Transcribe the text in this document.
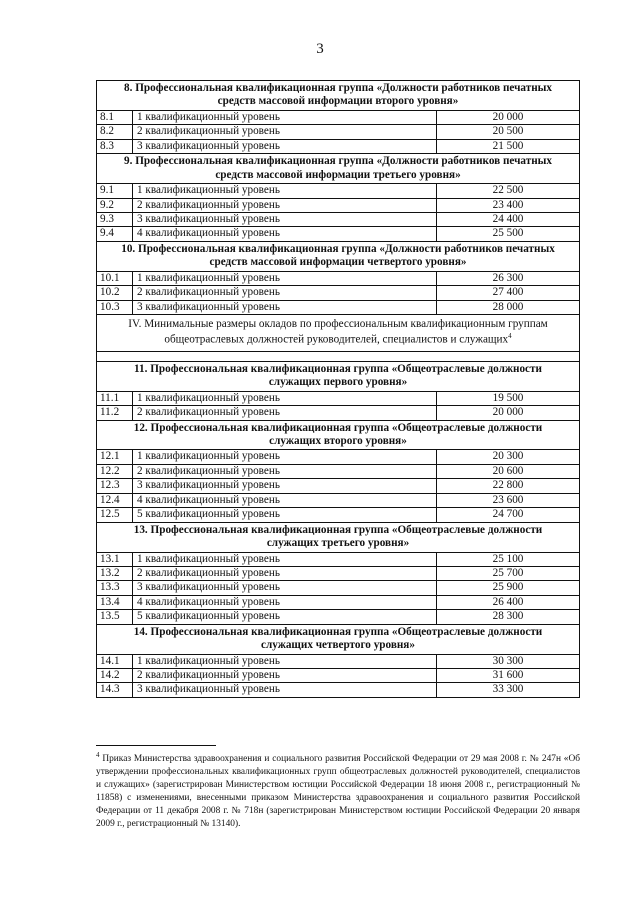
3
8. Профессиональная квалификационная группа «Должности работников печатных средств массовой информации второго уровня»		
8.1	1 квалификационный уровень	20 000
8.2	2 квалификационный уровень	20 500
8.3	3 квалификационный уровень	21 500
9. Профессиональная квалификационная группа «Должности работников печатных средств массовой информации третьего уровня»		
9.1	1 квалификационный уровень	22 500
9.2	2 квалификационный уровень	23 400
9.3	3 квалификационный уровень	24 400
9.4	4 квалификационный уровень	25 500
10. Профессиональная квалификационная группа «Должности работников печатных средств массовой информации четвертого уровня»		
10.1	1 квалификационный уровень	26 300
10.2	2 квалификационный уровень	27 400
10.3	3 квалификационный уровень	28 000
IV. Минимальные размеры окладов по профессиональным квалификационным группам общеотраслевых должностей руководителей, специалистов и служащих$^4$

11. Профессиональная квалификационная группа «Общеотраслевые должности служащих первого уровня»		
11.1	1 квалификационный уровень	19 500
11.2	2 квалификационный уровень	20 000
12. Профессиональная квалификационная группа «Общеотраслевые должности служащих второго уровня»		
12.1	1 квалификационный уровень	20 300
12.2	2 квалификационный уровень	20 600
12.3	3 квалификационный уровень	22 800
12.4	4 квалификационный уровень	23 600
12.5	5 квалификационный уровень	24 700
13. Профессиональная квалификационная группа «Общеотраслевые должности служащих третьего уровня»		
13.1	1 квалификационный уровень	25 100
13.2	2 квалификационный уровень	25 700
13.3	3 квалификационный уровень	25 900
13.4	4 квалификационный уровень	26 400
13.5	5 квалификационный уровень	28 300
14. Профессиональная квалификационная группа «Общеотраслевые должности служащих четвертого уровня»		
14.1	1 квалификационный уровень	30 300
14.2	2 квалификационный уровень	31 600
14.3	3 квалификационный уровень	33 300
$^4$ Приказ Министерства здравоохранения и социального развития Российской Федерации от 29 мая 2008 г. № 247н «Об утверждении профессиональных квалификационных групп общеотраслевых должностей руководителей, специалистов и служащих» (зарегистрирован Министерством юстиции Российской Федерации 18 июня 2008 г., регистрационный № 11858) с изменениями, внесенными приказом Министерства здравоохранения и социального развития Российской Федерации от 11 декабря 2008 г. № 718н (зарегистрирован Министерством юстиции Российской Федерации 20 января 2009 г., регистрационный № 13140).
